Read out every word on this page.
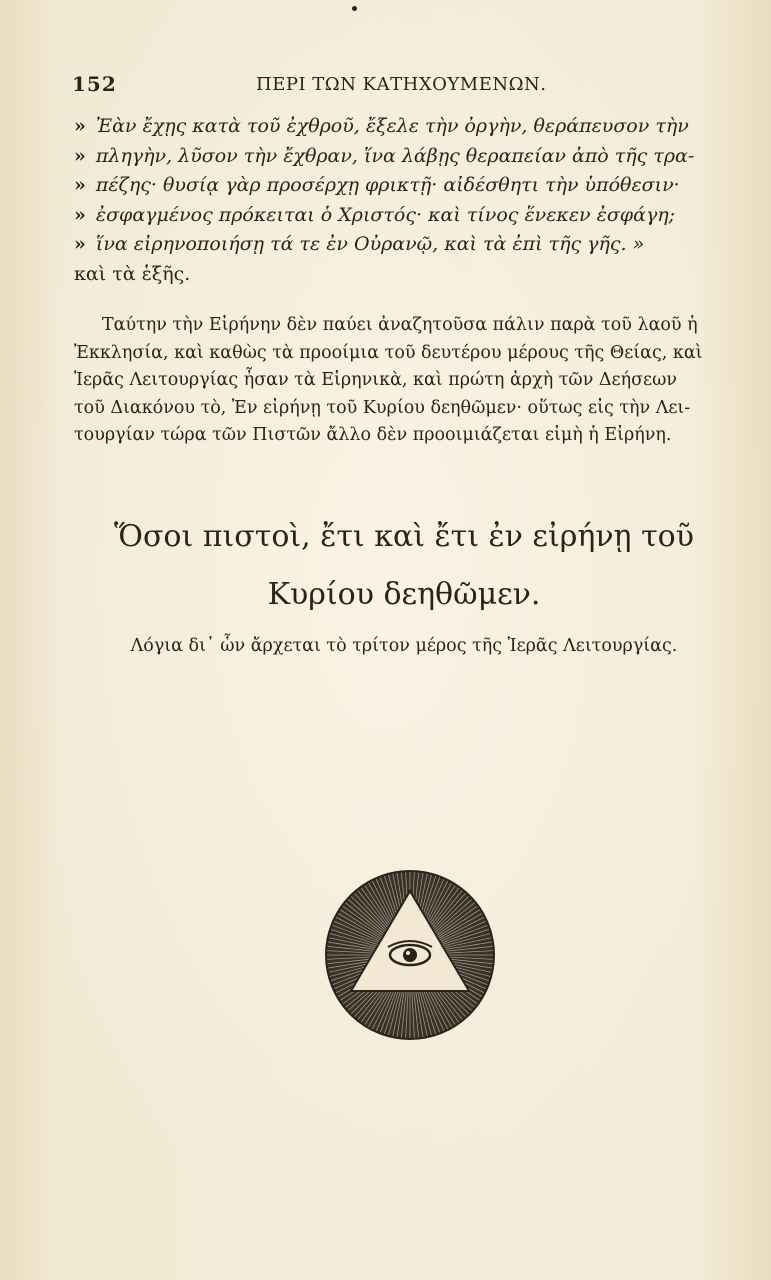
152	ΠΕΡΙ ΤΩΝ ΚΑΤΗΧΟΥΜΕΝΩΝ.
» Ἐὰν ἔχῃς κατὰ τοῦ ἐχθροῦ, ἔξελε τὴν ὀργὴν, θεράπευσον τὴν
» πληγὴν, λῦσον τὴν ἔχθραν, ἵνα λάβῃς θεραπείαν ἀπὸ τῆς τρα-
» πέζης· θυσίᾳ γὰρ προσέρχῃ φρικτῇ· αἰδέσθητι τὴν ὑπόθεσιν·
» ἐσφαγμένος πρόκειται ὁ Χριστός· καὶ τίνος ἕνεκεν ἐσφάγη;
» ἵνα εἰρηνοποιήσῃ τά τε ἐν Οὐρανῷ, καὶ τὰ ἐπὶ τῆς γῆς. »
καὶ τὰ ἑξῆς.
Ταύτην τὴν Εἰρήνην δὲν παύει ἀναζητοῦσα πάλιν παρὰ τοῦ λαοῦ ἡ
Ἐκκλησία, καὶ καθὼς τὰ προοίμια τοῦ δευτέρου μέρους τῆς Θείας, καὶ
Ἱερᾶς Λειτουργίας ἦσαν τὰ Εἰρηνικὰ, καὶ πρώτη ἀρχὴ τῶν Δεήσεων
τοῦ Διακόνου τὸ, Ἐν εἰρήνῃ τοῦ Κυρίου δεηθῶμεν· οὕτως εἰς τὴν Λει-
τουργίαν τώρα τῶν Πιστῶν ἄλλο δὲν προοιμιάζεται εἰμὴ ἡ Εἰρήνη.
Ὅσοι πιστοὶ, ἔτι καὶ ἔτι ἐν εἰρήνῃ τοῦ
Κυρίου δεηθῶμεν.
Λόγια δι᾽ ὧν ἄρχεται τὸ τρίτον μέρος τῆς Ἱερᾶς Λειτουργίας.
